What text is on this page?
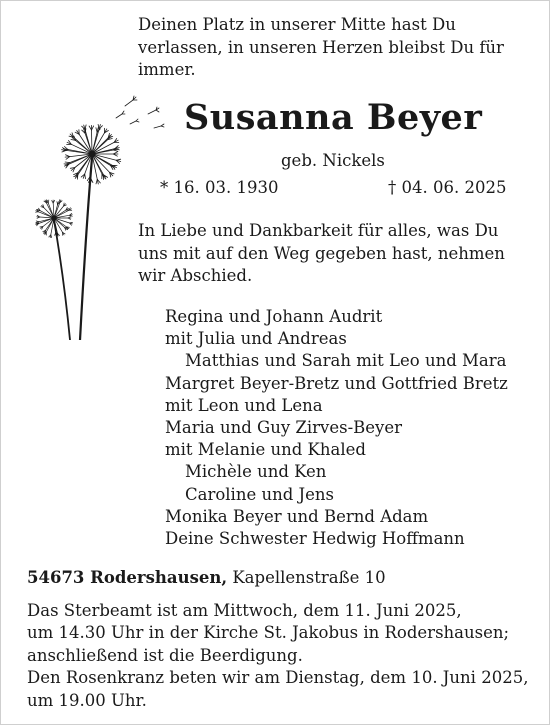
Deinen Platz in unserer Mitte hast Du
verlassen, in unseren Herzen bleibst Du für
immer.
Susanna Beyer
geb. Nickels
* 16. 03. 1930	† 04. 06. 2025
In Liebe und Dankbarkeit für alles, was Du
uns mit auf den Weg gegeben hast, nehmen
wir Abschied.
Regina und Johann Audrit
mit Julia und Andreas
Matthias und Sarah mit Leo und Mara
Margret Beyer-Bretz und Gottfried Bretz
mit Leon und Lena
Maria und Guy Zirves-Beyer
mit Melanie und Khaled
Michèle und Ken
Caroline und Jens
Monika Beyer und Bernd Adam
Deine Schwester Hedwig Hoffmann
54673 Rodershausen, Kapellenstraße 10
Das Sterbeamt ist am Mittwoch, dem 11. Juni 2025,
um 14.30 Uhr in der Kirche St. Jakobus in Rodershausen;
anschließend ist die Beerdigung.
Den Rosenkranz beten wir am Dienstag, dem 10. Juni 2025,
um 19.00 Uhr.
